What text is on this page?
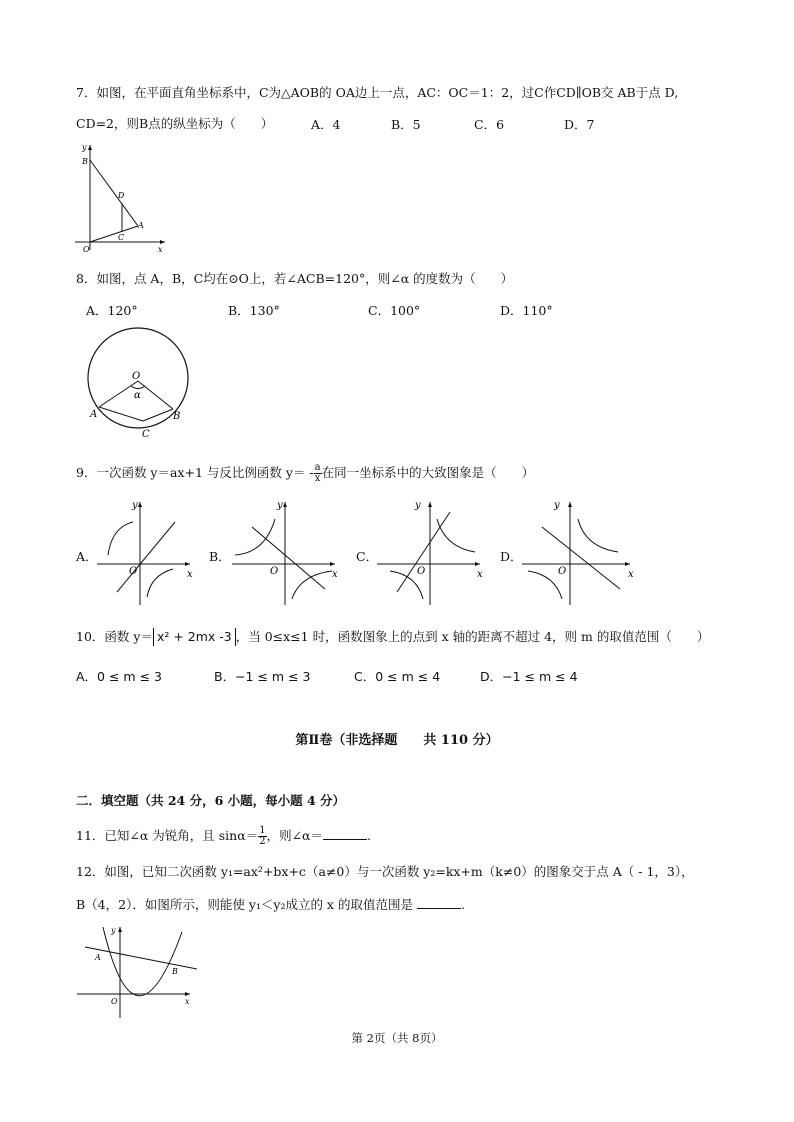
7．如图，在平面直角坐标系中，C为△AOB的 OA边上一点，AC：OC＝1：2，过C作CD∥OB交 AB于点 D,
CD=2，则B点的纵坐标为（　　）	A．4	B．5	C．6	D．7
y
x
B
D
A
O
C
8．如图，点 A，B，C均在⊙O上，若∠ACB=120°，则∠α 的度数为（　　）
A．120°	B．130°	C．100°	D．110°
O
α
A	B
C
9．一次函数 y＝ax+1 与反比例函数 $y= - \frac{a}{x}$ 在同一坐标系中的大致图象是（　　）
A．	B．	C．	D．
y
x
O
y
x
O
y
x
O
y
x
O
10．函数 y＝ x² + 2mx -3 ，当 0≤x≤1 时，函数图象上的点到 x 轴的距离不超过 4，则 m 的取值范围（　　）
A．0 ≤ m ≤ 3	B．−1 ≤ m ≤ 3	C．0 ≤ m ≤ 4	D．−1 ≤ m ≤ 4
第Ⅱ卷（非选择题　　共 110 分）
二．填空题（共 24 分，6 小题，每小题 4 分）
11．已知∠α 为锐角，且 $\sin\alpha= \frac{1}{2}$ ，则∠α＝	.
12．如图，已知二次函数 y₁=ax²+bx+c（a≠0）与一次函数 y₂=kx+m（k≠0）的图象交于点 A（ - 1，3），
B（4，2）．如图所示，则能使 y₁＜y₂成立的 x 的取值范围是	.
y
x
A
B
O
第 2页（共 8页）
